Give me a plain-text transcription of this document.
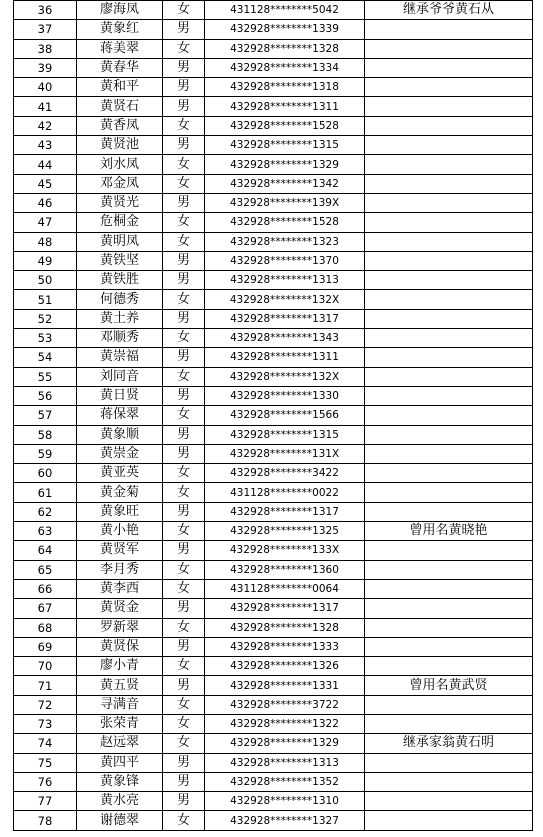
36	廖海凤	女	431128********5042	继承爷爷黄石从
37	黄象红	男	432928********1339	
38	蒋美翠	女	432928********1328	
39	黄春华	男	432928********1334	
40	黄和平	男	432928********1318	
41	黄贤石	男	432928********1311	
42	黄香凤	女	432928********1528	
43	黄贤池	男	432928********1315	
44	刘水凤	女	432928********1329	
45	邓金凤	女	432928********1342	
46	黄贤光	男	432928********139X	
47	危桐金	女	432928********1528	
48	黄明凤	女	432928********1323	
49	黄铁坚	男	432928********1370	
50	黄铁胜	男	432928********1313	
51	何德秀	女	432928********132X	
52	黄土养	男	432928********1317	
53	邓顺秀	女	432928********1343	
54	黄崇福	男	432928********1311	
55	刘同音	女	432928********132X	
56	黄日贤	男	432928********1330	
57	蒋保翠	女	432928********1566	
58	黄象顺	男	432928********1315	
59	黄崇金	男	432928********131X	
60	黄亚英	女	432928********3422	
61	黄金菊	女	431128********0022	
62	黄象旺	男	432928********1317	
63	黄小艳	女	432928********1325	曾用名黄晓艳
64	黄贤军	男	432928********133X	
65	李月秀	女	432928********1360	
66	黄李西	女	431128********0064	
67	黄贤金	男	432928********1317	
68	罗新翠	女	432928********1328	
69	黄贤保	男	432928********1333	
70	廖小青	女	432928********1326	
71	黄五贤	男	432928********1331	曾用名黄武贤
72	寻满音	女	432928********3722	
73	张荣青	女	432928********1322	
74	赵远翠	女	432928********1329	继承家翁黄石明
75	黄四平	男	432928********1313	
76	黄象锋	男	432928********1352	
77	黄水亮	男	432928********1310	
78	谢德翠	女	432928********1327	
